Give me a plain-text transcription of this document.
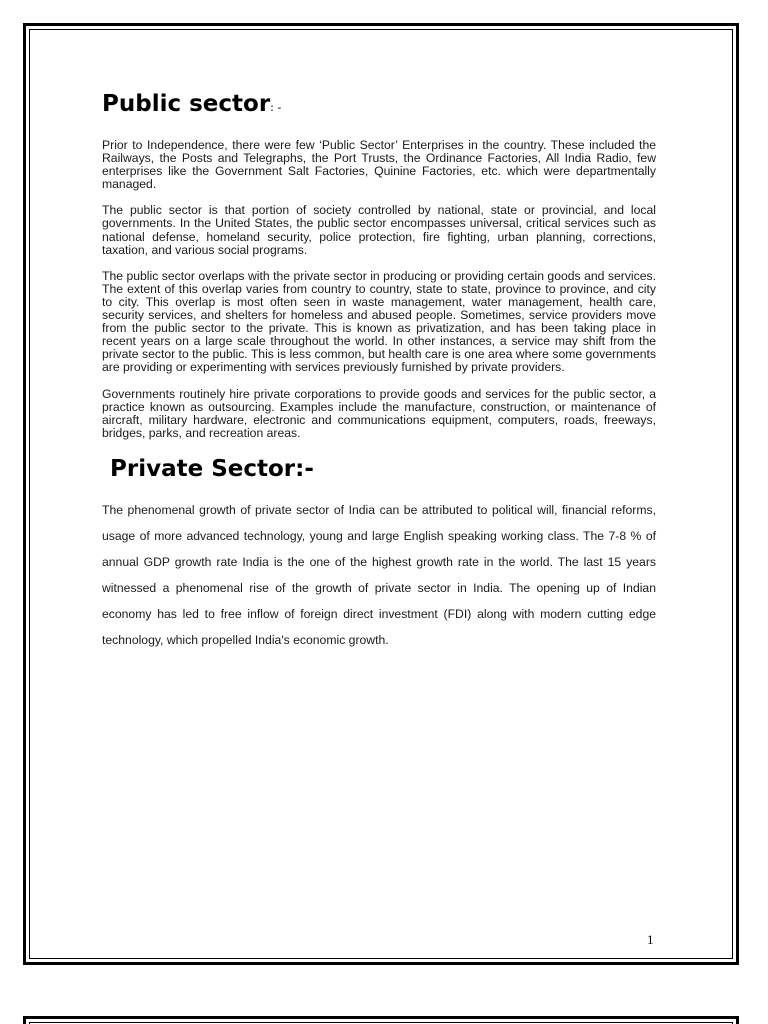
Public sector: -

Prior to Independence, there were few ‘Public Sector’ Enterprises in the country. These included the Railways, the Posts and Telegraphs, the Port Trusts, the Ordinance Factories, All India Radio, few enterprises like the Government Salt Factories, Quinine Factories, etc. which were departmentally managed.

The public sector is that portion of society controlled by national, state or provincial, and local governments. In the United States, the public sector encompasses universal, critical services such as national defense, homeland security, police protection, fire fighting, urban planning, corrections, taxation, and various social programs.

The public sector overlaps with the private sector in producing or providing certain goods and services. The extent of this overlap varies from country to country, state to state, province to province, and city to city. This overlap is most often seen in waste management, water management, health care, security services, and shelters for homeless and abused people. Sometimes, service providers move from the public sector to the private. This is known as privatization, and has been taking place in recent years on a large scale throughout the world. In other instances, a service may shift from the private sector to the public. This is less common, but health care is one area where some governments are providing or experimenting with services previously furnished by private providers.

Governments routinely hire private corporations to provide goods and services for the public sector, a practice known as outsourcing. Examples include the manufacture, construction, or maintenance of aircraft, military hardware, electronic and communications equipment, computers, roads, freeways, bridges, parks, and recreation areas.

Private Sector:-

The phenomenal growth of private sector of India can be attributed to political will, financial reforms, usage of more advanced technology, young and large English speaking working class. The 7-8 % of annual GDP growth rate India is the one of the highest growth rate in the world. The last 15 years witnessed a phenomenal rise of the growth of private sector in India. The opening up of Indian economy has led to free inflow of foreign direct investment (FDI) along with modern cutting edge technology, which propelled India's economic growth.

1
